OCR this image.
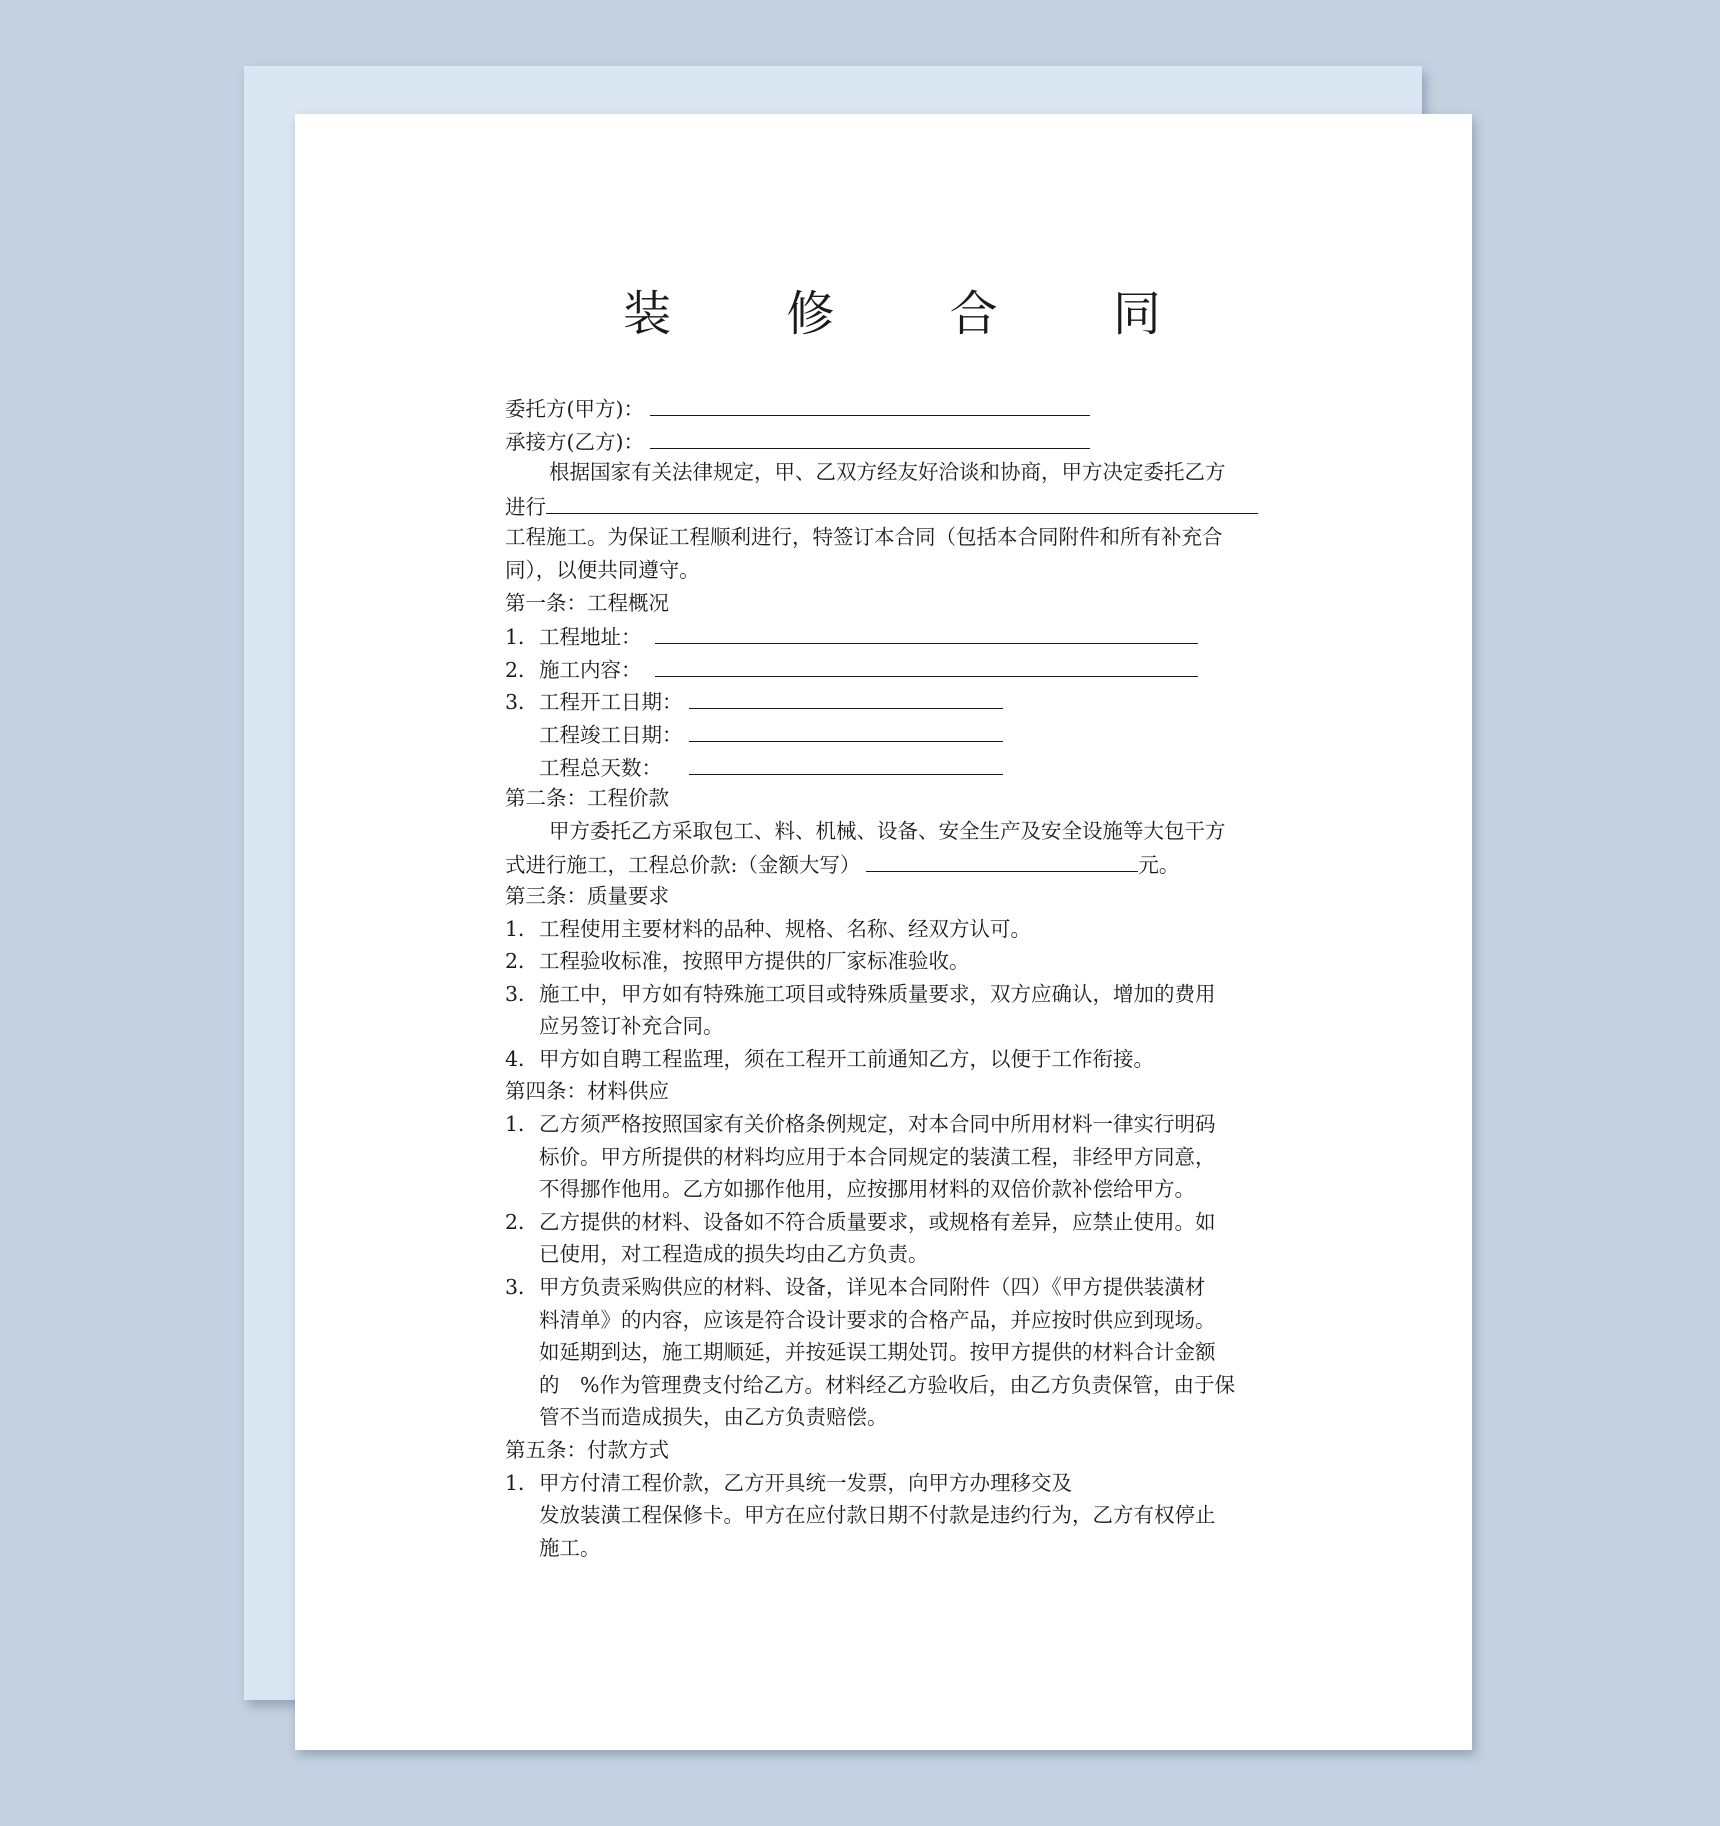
装 修 合 同
委托方(甲方)：
承接方(乙方)：
根据国家有关法律规定，甲、乙双方经友好洽谈和协商，甲方决定委托乙方
进行
工程施工。为保证工程顺利进行，特签订本合同（包括本合同附件和所有补充合
同），以便共同遵守。
第一条：工程概况
1．工程地址：
2．施工内容：
3．工程开工日期：
工程竣工日期：
工程总天数：
第二条：工程价款
甲方委托乙方采取包工、料、机械、设备、安全生产及安全设施等大包干方
式进行施工，工程总价款:（金额大写）	元。
第三条：质量要求
1．工程使用主要材料的品种、规格、名称、经双方认可。
2．工程验收标准，按照甲方提供的厂家标准验收。
3．施工中，甲方如有特殊施工项目或特殊质量要求，双方应确认，增加的费用
应另签订补充合同。
4．甲方如自聘工程监理，须在工程开工前通知乙方，以便于工作衔接。
第四条：材料供应
1．乙方须严格按照国家有关价格条例规定，对本合同中所用材料一律实行明码
标价。甲方所提供的材料均应用于本合同规定的装潢工程，非经甲方同意，
不得挪作他用。乙方如挪作他用，应按挪用材料的双倍价款补偿给甲方。
2．乙方提供的材料、设备如不符合质量要求，或规格有差异，应禁止使用。如
已使用，对工程造成的损失均由乙方负责。
3．甲方负责采购供应的材料、设备，详见本合同附件（四）《甲方提供装潢材
料清单》的内容，应该是符合设计要求的合格产品，并应按时供应到现场。
如延期到达，施工期顺延，并按延误工期处罚。按甲方提供的材料合计金额
的　%作为管理费支付给乙方。材料经乙方验收后，由乙方负责保管，由于保
管不当而造成损失，由乙方负责赔偿。
第五条：付款方式
1．甲方付清工程价款，乙方开具统一发票，向甲方办理移交及
发放装潢工程保修卡。甲方在应付款日期不付款是违约行为，乙方有权停止
施工。
